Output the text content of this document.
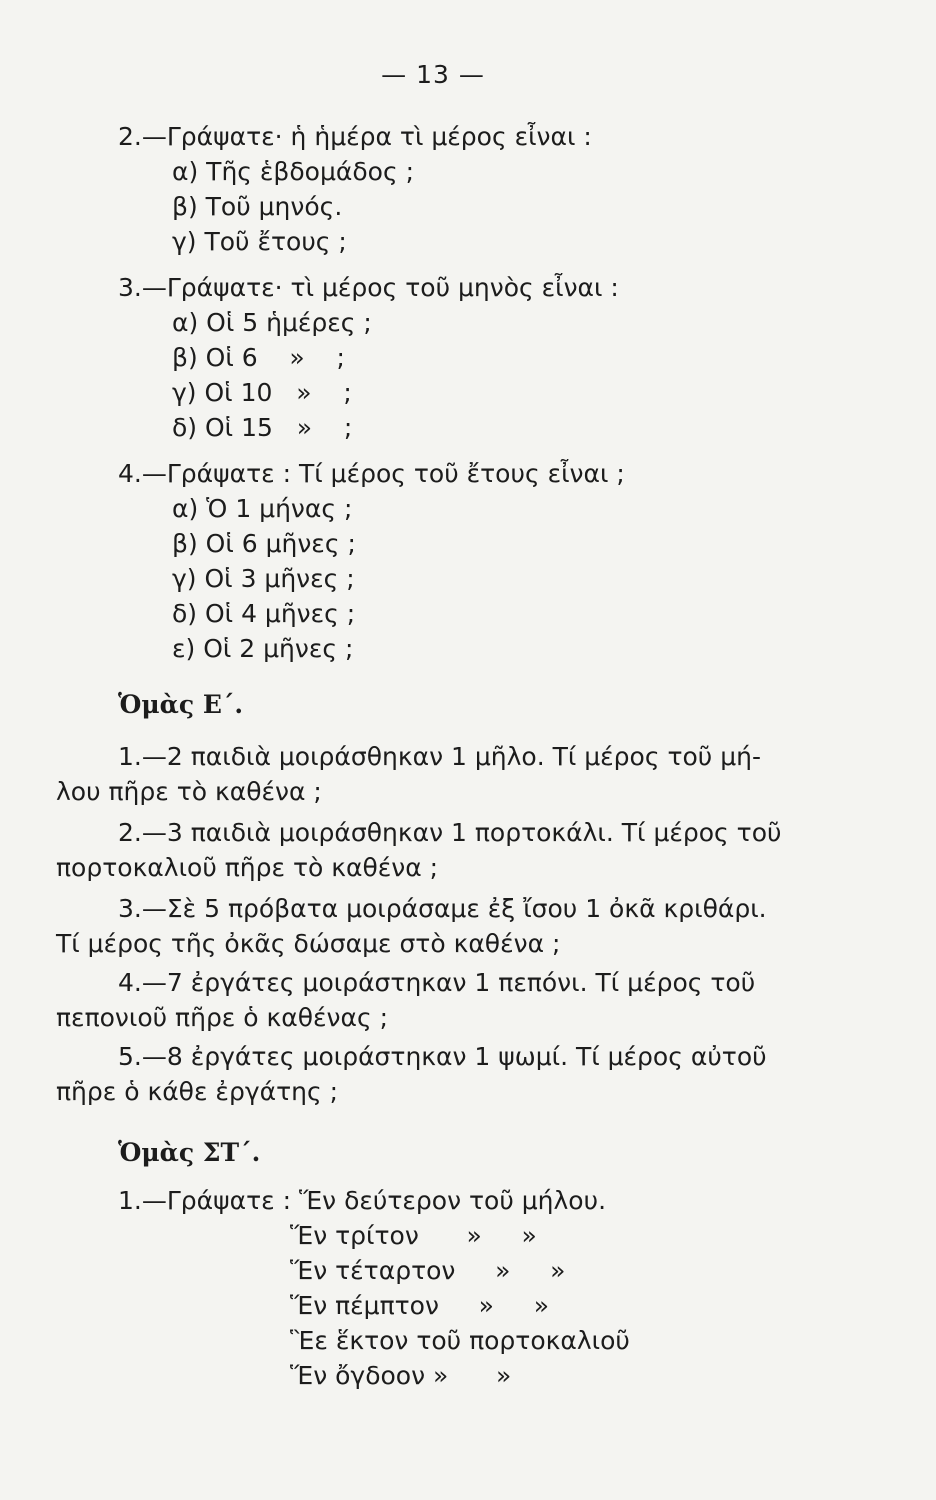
— 13 —
2.—Γράψατε· ἡ ἡμέρα τὶ μέρος εἶναι :
α) Τῆς ἑβδομάδος ;
β) Τοῦ μηνός.
γ) Τοῦ ἔτους ;
3.—Γράψατε· τὶ μέρος τοῦ μηνὸς εἶναι :
α) Οἱ 5 ἡμέρες ;
β) Οἱ 6    »    ;
γ) Οἱ 10   »    ;
δ) Οἱ 15   »    ;
4.—Γράψατε : Τί μέρος τοῦ ἔτους εἶναι ;
α) Ὁ 1 μήνας ;
β) Οἱ 6 μῆνες ;
γ) Οἱ 3 μῆνες ;
δ) Οἱ 4 μῆνες ;
ε) Οἱ 2 μῆνες ;
Ὁμὰς Ε΄.
1.—2 παιδιὰ μοιράσθηκαν 1 μῆλο. Τί μέρος τοῦ μή-
λου πῆρε τὸ καθένα ;
2.—3 παιδιὰ μοιράσθηκαν 1 πορτοκάλι. Τί μέρος τοῦ
πορτοκαλιοῦ πῆρε τὸ καθένα ;
3.—Σὲ 5 πρόβατα μοιράσαμε ἐξ ἴσου 1 ὀκᾶ κριθάρι.
Τί μέρος τῆς ὀκᾶς δώσαμε στὸ καθένα ;
4.—7 ἐργάτες μοιράστηκαν 1 πεπόνι. Τί μέρος τοῦ
πεπονιοῦ πῆρε ὁ καθένας ;
5.—8 ἐργάτες μοιράστηκαν 1 ψωμί. Τί μέρος αὐτοῦ
πῆρε ὁ κάθε ἐργάτης ;
Ὁμὰς ΣΤ΄.
1.—Γράψατε : Ἕν δεύτερον τοῦ μήλου.
Ἕν τρίτον      »     »
Ἕν τέταρτον     »     »
Ἕν πέμπτον     »     »
Ἓε ἕκτον τοῦ πορτοκαλιοῦ
Ἕν ὄγδοον »      »
